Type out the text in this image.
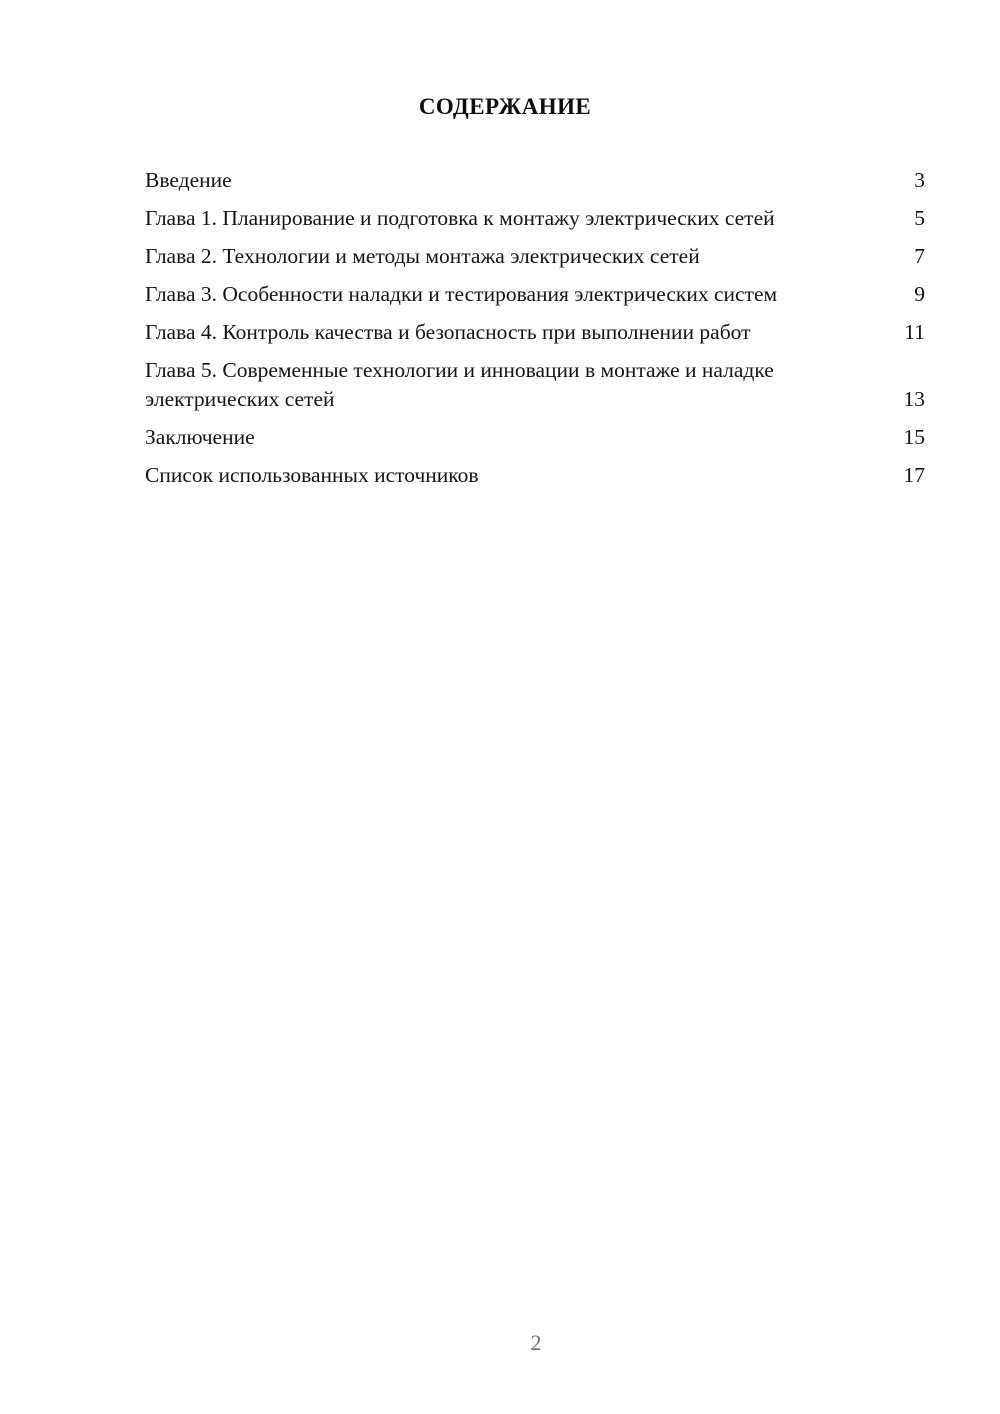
СОДЕРЖАНИЕ
Введение	3
Глава 1. Планирование и подготовка к монтажу электрических сетей	5
Глава 2. Технологии и методы монтажа электрических сетей	7
Глава 3. Особенности наладки и тестирования электрических систем	9
Глава 4. Контроль качества и безопасность при выполнении работ	11
Глава 5. Современные технологии и инновации в монтаже и наладке электрических сетей	13
Заключение	15
Список использованных источников	17
2
